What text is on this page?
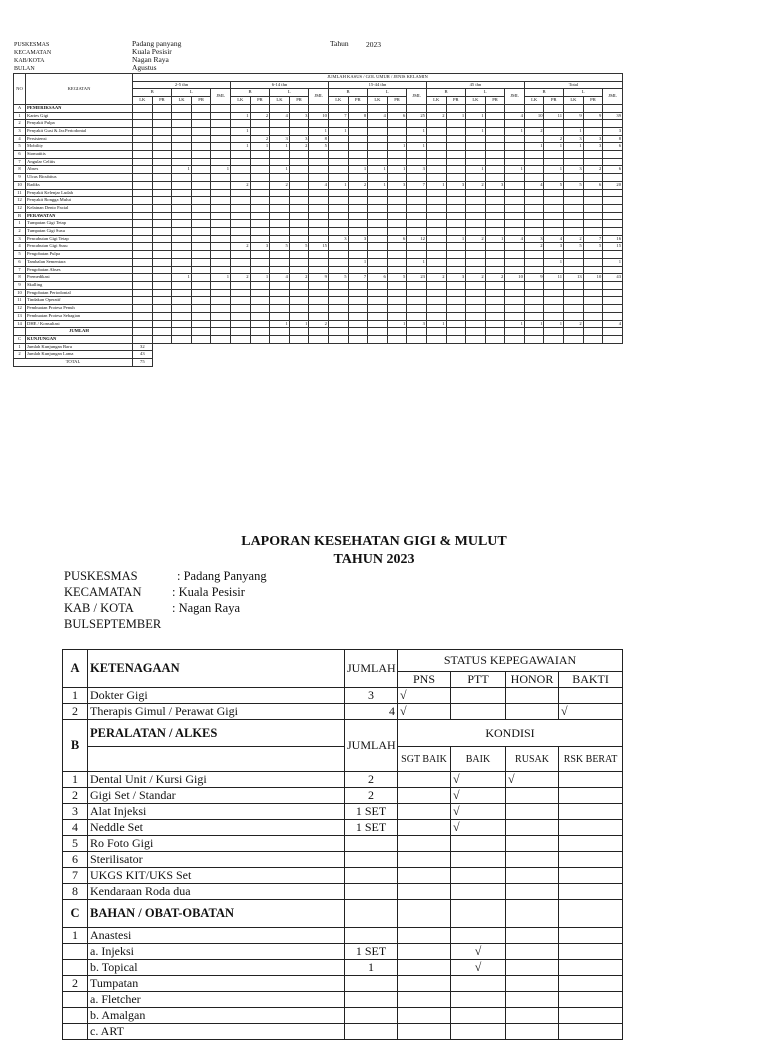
PUSKESMAS
KECAMATAN
KAB/KOTA
BULAN
Padang panyang
Kuala Pesisir
Nagan Raya
Agustus
Tahun 2023
NO	KEGIATAN	JUMLAH KASUS / GOL UMUR / JENIS KELAMIN																								
		2-5 thn					6-14 thn					15-44 thn					45 thn					Total				
		B		L		JML	B		L		JML	B		L		JML	B		L		JML	B		L		JML
		LK	PR	LK	PR		LK	PR	LK	PR		LK	PR	LK	PR		LK	PR	LK	PR		LK	PR	LK	PR	
A	PEMERIKSAAN																									
1	Karies Gigi						1	2	4	3	10	7	8	4	6	25	2	1	1		4	10	11	9	9	39
2	Penyakit Pulpa																									
3	Penyakit Gusi & Jar.Periodontal						1				1	1				1			1		1	2		1		3
4	Persistensi							2	3	3	8												2	3	3	8
5	Mobility						1	1	1	2	5				1	1						1	1	1	3	6
6	Stomatitis																									
7	Angular Celitis																									
8	Abses			1		1			1				1	1	1	3			1		1		1	3	2	6
9	Ulcus Bicubitus																									
10	Radiks						2		2		4	1	2	1	3	7	1	3	2	3		4	5	5	6	20
11	Penyakit Kelenjar Ludah																									
12	Penyakit Rongga Mulut																									
12	Kelainan Dento Facial																									
B	PERAWATAN																									
1	Tumpatan Gigi Tetap																									
2	Tumpatan Gigi Susu																									
3	Pencabutan Gigi Tetap											3	3		6	12		1	2	1	4	3	4	2	7	16
4	Pencabutan Gigi Susu						2	3	5	5	15											2	3	5	5	15
5	Pengobatan Pulpa																									
6	Tambalan Sementara												1			1							1			1
7	Pengobatan Abses																									
8	Premedikasi			1		1	2	1	4	2	9	5	7	6	5	23	2	3	2	2	10	9	11	13	10	43
9	Skalling																									
10	Pengobatan Periodontal																									
11	Tindakan Operatif																									
12	Pembuatan Protesa Penuh																									
13	Pembuatan Protesa Sebagian																									
14	DHE / Konsultasi								1	1	2				1	3	1				1	1	1	2		4
	JUMLAH																									
C	KUNJUNGAN																									
1	Jumlah Kunjungan Baru	32																								
2	Jumlah Kunjungan Lama	43																								
TOTAL		75																								
LAPORAN KESEHATAN GIGI & MULUT
TAHUN 2023
PUSKESMAS	: Padang Panyang
KECAMATAN	: Kuala Pesisir
KAB / KOTA	: Nagan Raya
BULSEPTEMBER
A	KETENAGAAN	JUMLAH	STATUS KEPEGAWAIAN			
			PNS	PTT	HONOR	BAKTI
1	Dokter Gigi	3	√			
2	Therapis Gimul / Perawat Gigi	4	√			√
B	PERALATAN / ALKES	JUMLAH	KONDISI			
			SGT BAIK	BAIK	RUSAK	RSK BERAT
1	Dental Unit / Kursi Gigi	2		√	√	
2	Gigi Set / Standar	2		√		
3	Alat Injeksi	1 SET		√		
4	Neddle Set	1 SET		√		
5	Ro Foto Gigi					
6	Sterilisator					
7	UKGS KIT/UKS Set					
8	Kendaraan Roda dua					
C	BAHAN / OBAT-OBATAN					
1	Anastesi					
	a. Injeksi	1 SET		√		
	b. Topical	1		√		
2	Tumpatan					
	a. Fletcher					
	b. Amalgan					
	c. ART					
